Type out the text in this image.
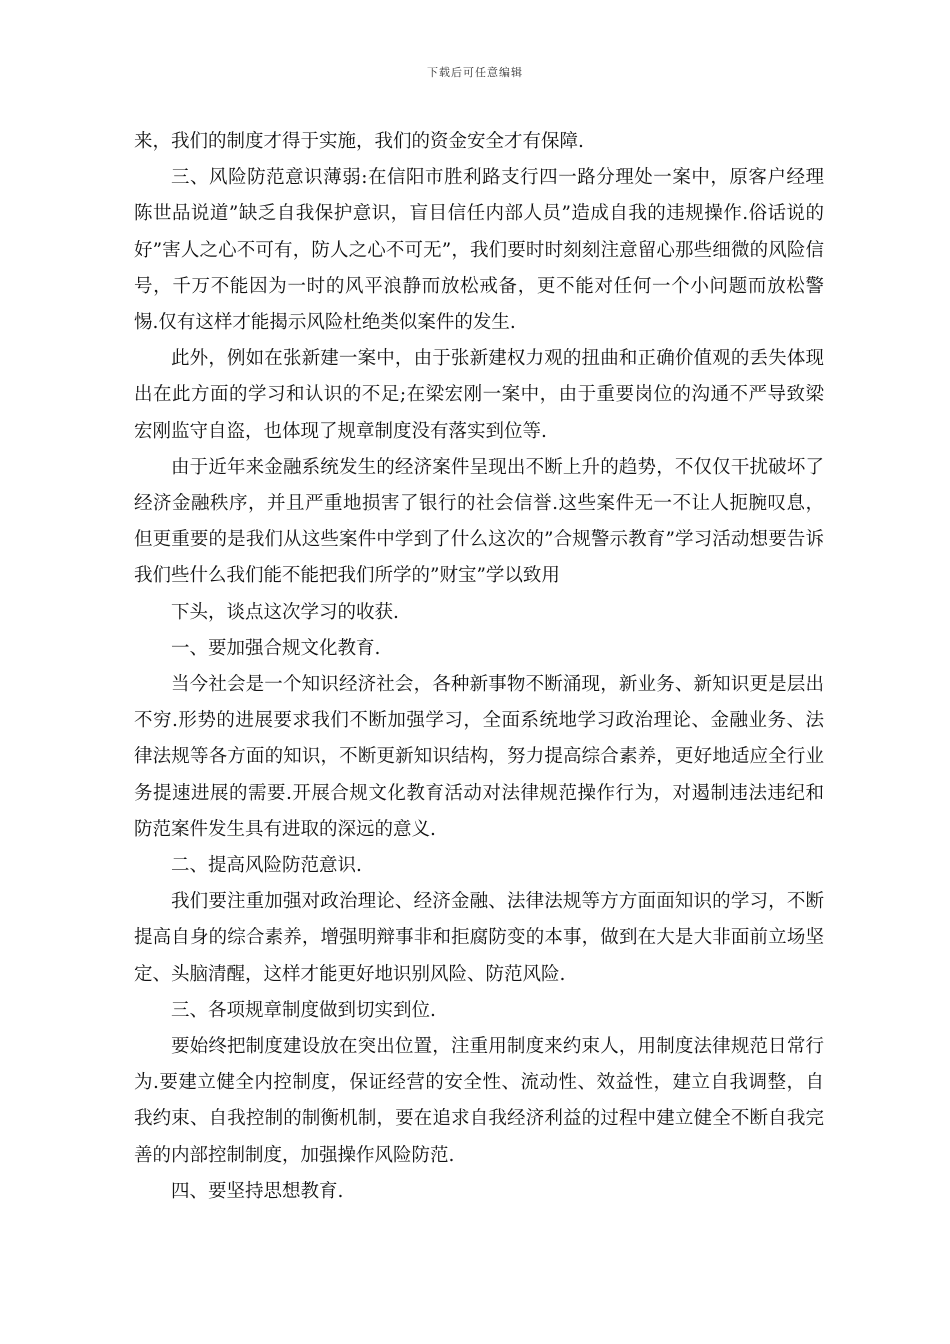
下载后可任意编辑

来，我们的制度才得于实施，我们的资金安全才有保障.

三、风险防范意识薄弱:在信阳市胜利路支行四一路分理处一案中，原客户经理陈世品说道”缺乏自我保护意识，盲目信任内部人员”造成自我的违规操作.俗话说的好”害人之心不可有，防人之心不可无”，我们要时时刻刻注意留心那些细微的风险信号，千万不能因为一时的风平浪静而放松戒备，更不能对任何一个小问题而放松警惕.仅有这样才能揭示风险杜绝类似案件的发生.

此外，例如在张新建一案中，由于张新建权力观的扭曲和正确价值观的丢失体现出在此方面的学习和认识的不足;在梁宏刚一案中，由于重要岗位的沟通不严导致梁宏刚监守自盗，也体现了规章制度没有落实到位等.

由于近年来金融系统发生的经济案件呈现出不断上升的趋势，不仅仅干扰破坏了经济金融秩序，并且严重地损害了银行的社会信誉.这些案件无一不让人扼腕叹息，但更重要的是我们从这些案件中学到了什么这次的”合规警示教育”学习活动想要告诉我们些什么我们能不能把我们所学的”财宝”学以致用

下头，谈点这次学习的收获.

一、要加强合规文化教育.

当今社会是一个知识经济社会，各种新事物不断涌现，新业务、新知识更是层出不穷.形势的进展要求我们不断加强学习，全面系统地学习政治理论、金融业务、法律法规等各方面的知识，不断更新知识结构，努力提高综合素养，更好地适应全行业务提速进展的需要.开展合规文化教育活动对法律规范操作行为，对遏制违法违纪和防范案件发生具有进取的深远的意义.

二、提高风险防范意识.

我们要注重加强对政治理论、经济金融、法律法规等方方面面知识的学习，不断提高自身的综合素养，增强明辩事非和拒腐防变的本事，做到在大是大非面前立场坚定、头脑清醒，这样才能更好地识别风险、防范风险.

三、各项规章制度做到切实到位.

要始终把制度建设放在突出位置，注重用制度来约束人，用制度法律规范日常行为.要建立健全内控制度，保证经营的安全性、流动性、效益性，建立自我调整，自我约束、自我控制的制衡机制，要在追求自我经济利益的过程中建立健全不断自我完善的内部控制制度，加强操作风险防范.

四、要坚持思想教育.
